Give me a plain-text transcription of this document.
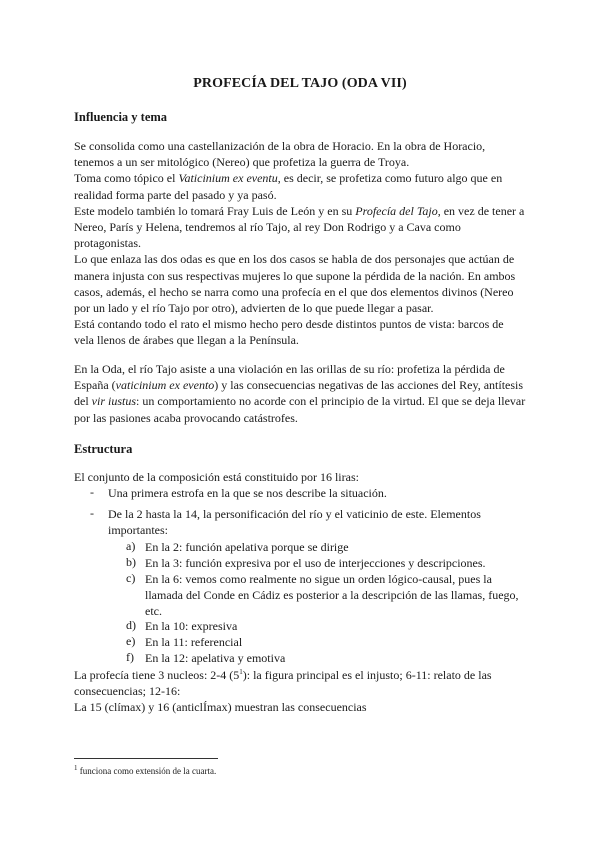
PROFECÍA DEL TAJO (ODA VII)
Influencia y tema
Se consolida como una castellanización de la obra de Horacio. En la obra de Horacio,
tenemos a un ser mitológico (Nereo) que profetiza la guerra de Troya.
Toma como tópico el Vaticinium ex eventu, es decir, se profetiza como futuro algo que en
realidad forma parte del pasado y ya pasó.
Este modelo también lo tomará Fray Luis de León y en su Profecía del Tajo, en vez de tener a
Nereo, París y Helena, tendremos al río Tajo, al rey Don Rodrigo y a Cava como
protagonistas.
Lo que enlaza las dos odas es que en los dos casos se habla de dos personajes que actúan de
manera injusta con sus respectivas mujeres lo que supone la pérdida de la nación. En ambos
casos, además, el hecho se narra como una profecía en el que dos elementos divinos (Nereo
por un lado y el río Tajo por otro), advierten de lo que puede llegar a pasar.
Está contando todo el rato el mismo hecho pero desde distintos puntos de vista: barcos de
vela llenos de árabes que llegan a la Península.
En la Oda, el río Tajo asiste a una violación en las orillas de su río: profetiza la pérdida de
España (vaticinium ex evento) y las consecuencias negativas de las acciones del Rey, antítesis
del vir iustus: un comportamiento no acorde con el principio de la virtud. El que se deja llevar
por las pasiones acaba provocando catástrofes.
Estructura
El conjunto de la composición está constituido por 16 liras:
- Una primera estrofa en la que se nos describe la situación.
- De la 2 hasta la 14, la personificación del río y el vaticinio de este. Elementos
importantes:
a) En la 2: función apelativa porque se dirige
b) En la 3: función expresiva por el uso de interjecciones y descripciones.
c) En la 6: vemos como realmente no sigue un orden lógico-causal, pues la
llamada del Conde en Cádiz es posterior a la descripción de las llamas, fuego,
etc.
d) En la 10: expresiva
e) En la 11: referencial
f) En la 12: apelativa y emotiva
La profecía tiene 3 nucleos: 2-4 $(5^1)$: la figura principal es el injusto; 6-11: relato de las
consecuencias; 12-16:
La 15 (clímax) y 16 (anticlÍmax) muestran las consecuencias
$^1$ funciona como extensión de la cuarta.
